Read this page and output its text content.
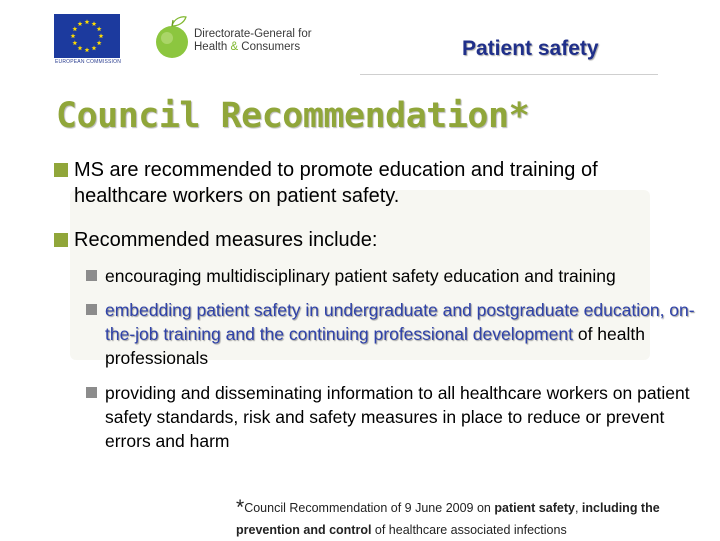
EUROPEAN COMMISSION
Directorate-General for
Health & Consumers	Patient safety
Council Recommendation*
MS are recommended to promote education and training of healthcare workers on patient safety.
Recommended measures include:
encouraging multidisciplinary patient safety education and training
embedding patient safety in undergraduate and postgraduate education, on-the-job training and the continuing professional development of health professionals
providing and disseminating information to all healthcare workers on patient safety standards, risk and safety measures in place to reduce or prevent errors and harm
*Council Recommendation of 9 June 2009 on patient safety, including the prevention and control of healthcare associated infections
